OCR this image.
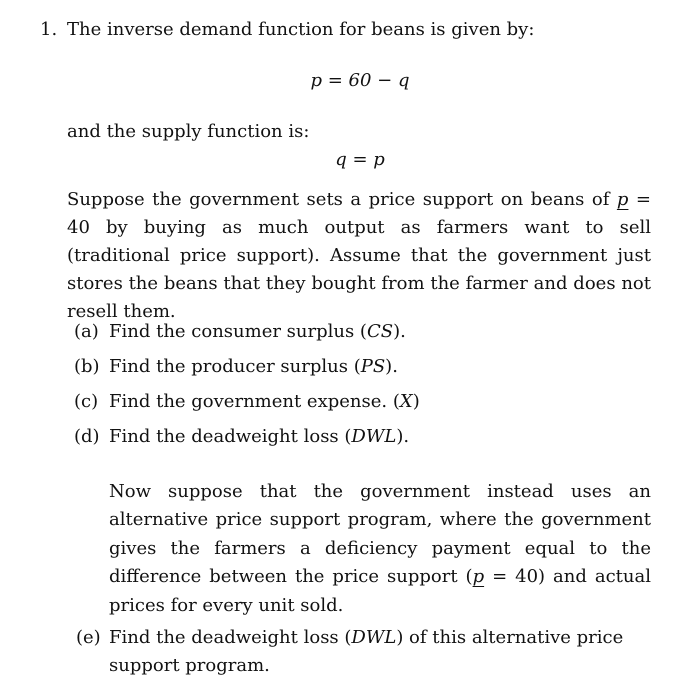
1. The inverse demand function for beans is given by:
p = 60 − q
and the supply function is:
q = p
Suppose the government sets a price support on beans of p = 40 by buying as much output as farmers want to sell (traditional price support). Assume that the government just stores the beans that they bought from the farmer and does not resell them.
(a) Find the consumer surplus (CS).
(b) Find the producer surplus (PS).
(c) Find the government expense. (X)
(d) Find the deadweight loss (DWL).
Now suppose that the government instead uses an alternative price support program, where the government gives the farmers a deficiency payment equal to the difference between the price support (p = 40) and actual prices for every unit sold.
(e) Find the deadweight loss (DWL) of this alternative price support program.
